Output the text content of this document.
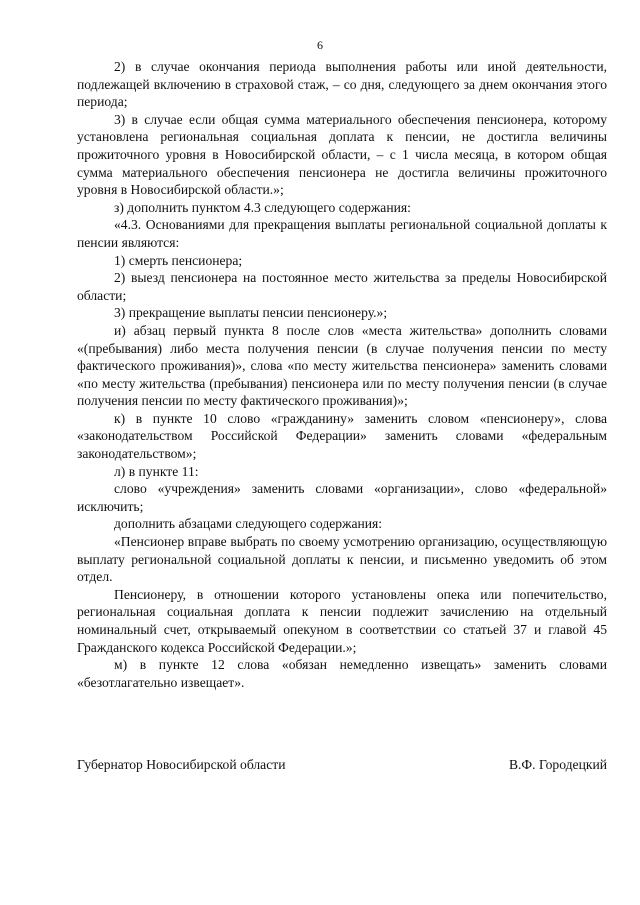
6

2) в случае окончания периода выполнения работы или иной деятельности, подлежащей включению в страховой стаж, – со дня, следующего за днем окончания этого периода;

3) в случае если общая сумма материального обеспечения пенсионера, которому установлена региональная социальная доплата к пенсии, не достигла величины прожиточного уровня в Новосибирской области, – с 1 числа месяца, в котором общая сумма материального обеспечения пенсионера не достигла величины прожиточного уровня в Новосибирской области.»;

з) дополнить пунктом 4.3 следующего содержания:

«4.3. Основаниями для прекращения выплаты региональной социальной доплаты к пенсии являются:

1) смерть пенсионера;

2) выезд пенсионера на постоянное место жительства за пределы Новосибирской области;

3) прекращение выплаты пенсии пенсионеру.»;

и) абзац первый пункта 8 после слов «места жительства» дополнить словами «(пребывания) либо места получения пенсии (в случае получения пенсии по месту фактического проживания)», слова «по месту жительства пенсионера» заменить словами «по месту жительства (пребывания) пенсионера или по месту получения пенсии (в случае получения пенсии по месту фактического проживания)»;

к) в пункте 10 слово «гражданину» заменить словом «пенсионеру», слова «законодательством Российской Федерации» заменить словами «федеральным законодательством»;

л) в пункте 11:

слово «учреждения» заменить словами «организации», слово «федеральной» исключить;

дополнить абзацами следующего содержания:

«Пенсионер вправе выбрать по своему усмотрению организацию, осуществляющую выплату региональной социальной доплаты к пенсии, и письменно уведомить об этом отдел.

Пенсионеру, в отношении которого установлены опека или попечительство, региональная социальная доплата к пенсии подлежит зачислению на отдельный номинальный счет, открываемый опекуном в соответствии со статьей 37 и главой 45 Гражданского кодекса Российской Федерации.»;

м) в пункте 12 слова «обязан немедленно извещать» заменить словами «безотлагательно извещает».

Губернатор Новосибирской области	В.Ф. Городецкий
